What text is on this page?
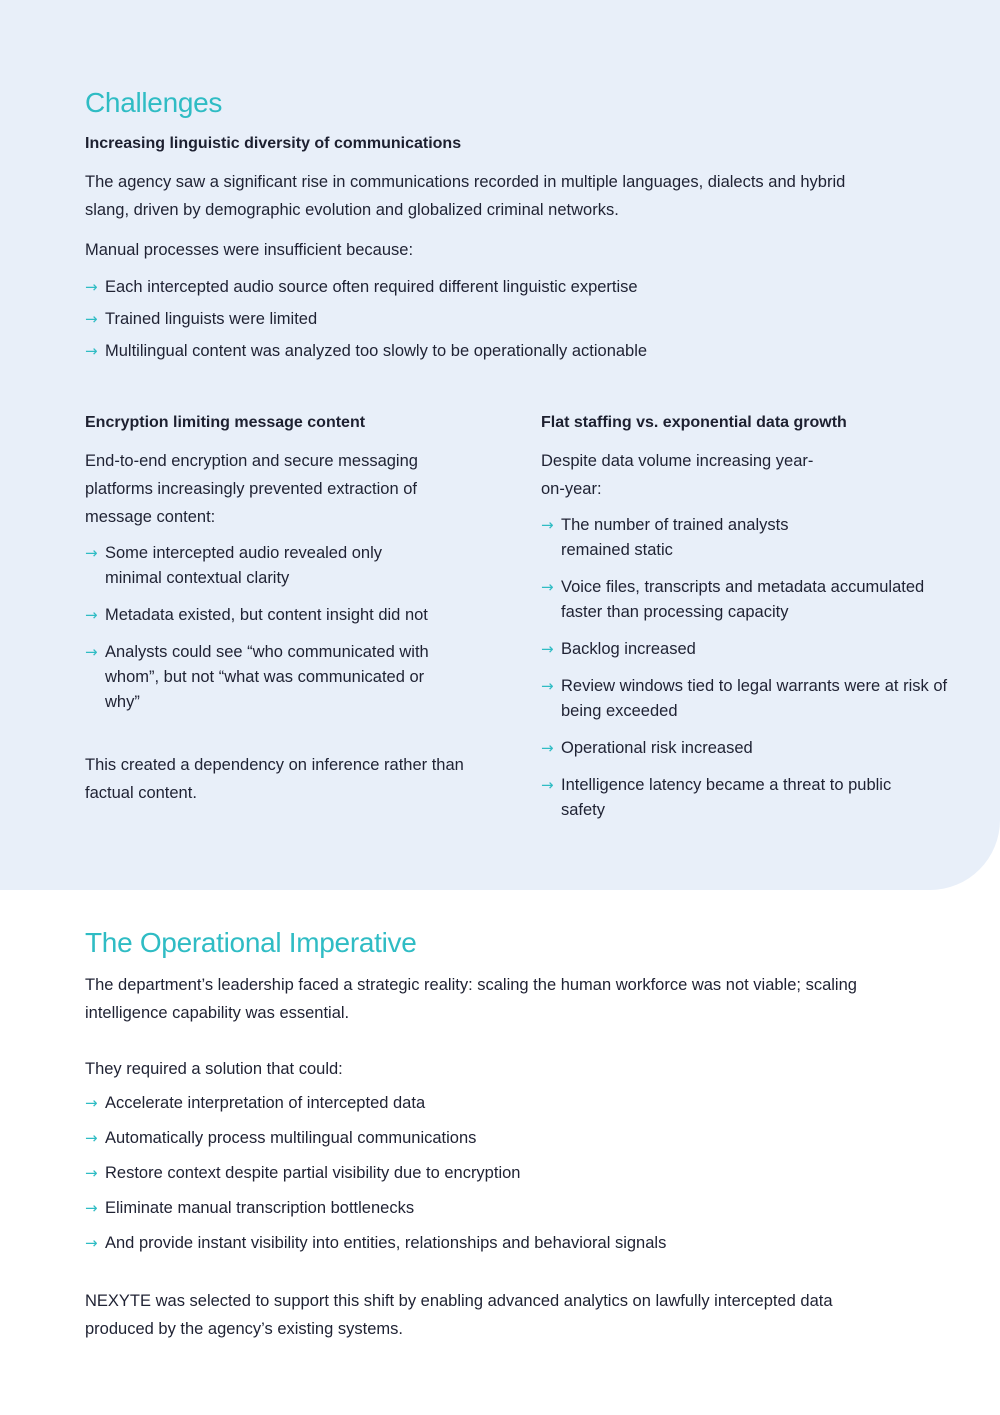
Challenges
Increasing linguistic diversity of communications

The agency saw a significant rise in communications recorded in multiple languages, dialects and hybrid slang, driven by demographic evolution and globalized criminal networks.

Manual processes were insufficient because:

→ Each intercepted audio source often required different linguistic expertise
→ Trained linguists were limited
→ Multilingual content was analyzed too slowly to be operationally actionable
Encryption limiting message content

End-to-end encryption and secure messaging platforms increasingly prevented extraction of message content:

→ Some intercepted audio revealed only minimal contextual clarity
→ Metadata existed, but content insight did not
→ Analysts could see “who communicated with whom”, but not “what was communicated or why”

This created a dependency on inference rather than factual content.

Flat staffing vs. exponential data growth

Despite data volume increasing year-on-year:

→ The number of trained analysts remained static
→ Voice files, transcripts and metadata accumulated faster than processing capacity
→ Backlog increased
→ Review windows tied to legal warrants were at risk of being exceeded
→ Operational risk increased
→ Intelligence latency became a threat to public safety
The Operational Imperative

The department’s leadership faced a strategic reality: scaling the human workforce was not viable; scaling intelligence capability was essential.

They required a solution that could:

→ Accelerate interpretation of intercepted data
→ Automatically process multilingual communications
→ Restore context despite partial visibility due to encryption
→ Eliminate manual transcription bottlenecks
→ And provide instant visibility into entities, relationships and behavioral signals

NEXYTE was selected to support this shift by enabling advanced analytics on lawfully intercepted data produced by the agency’s existing systems.
